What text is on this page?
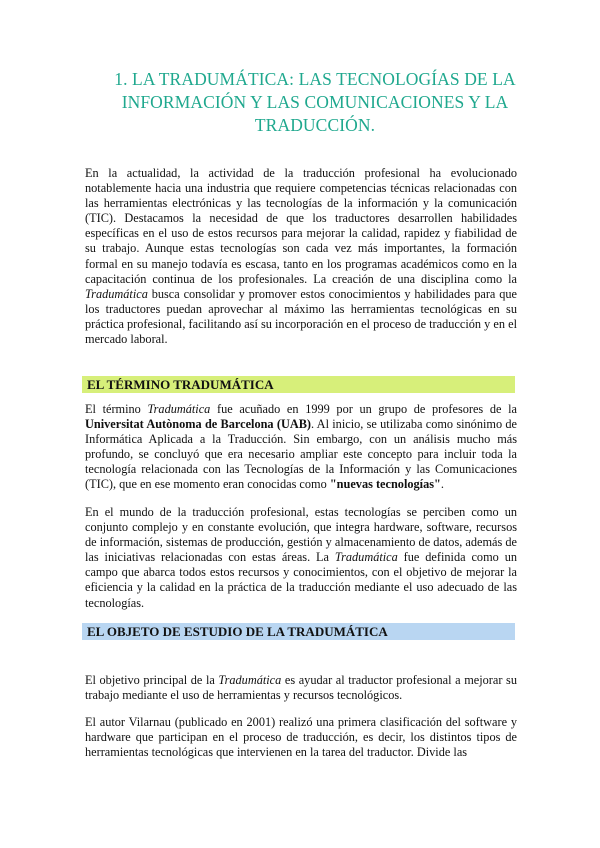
1. LA TRADUMÁTICA: LAS TECNOLOGÍAS DE LA INFORMACIÓN Y LAS COMUNICACIONES Y LA TRADUCCIÓN.

En la actualidad, la actividad de la traducción profesional ha evolucionado notablemente hacia una industria que requiere competencias técnicas relacionadas con las herramientas electrónicas y las tecnologías de la información y la comunicación (TIC). Destacamos la necesidad de que los traductores desarrollen habilidades específicas en el uso de estos recursos para mejorar la calidad, rapidez y fiabilidad de su trabajo. Aunque estas tecnologías son cada vez más importantes, la formación formal en su manejo todavía es escasa, tanto en los programas académicos como en la capacitación continua de los profesionales. La creación de una disciplina como la Tradumática busca consolidar y promover estos conocimientos y habilidades para que los traductores puedan aprovechar al máximo las herramientas tecnológicas en su práctica profesional, facilitando así su incorporación en el proceso de traducción y en el mercado laboral.

EL TÉRMINO TRADUMÁTICA

El término Tradumática fue acuñado en 1999 por un grupo de profesores de la Universitat Autònoma de Barcelona (UAB). Al inicio, se utilizaba como sinónimo de Informática Aplicada a la Traducción. Sin embargo, con un análisis mucho más profundo, se concluyó que era necesario ampliar este concepto para incluir toda la tecnología relacionada con las Tecnologías de la Información y las Comunicaciones (TIC), que en ese momento eran conocidas como "nuevas tecnologías".

En el mundo de la traducción profesional, estas tecnologías se perciben como un conjunto complejo y en constante evolución, que integra hardware, software, recursos de información, sistemas de producción, gestión y almacenamiento de datos, además de las iniciativas relacionadas con estas áreas. La Tradumática fue definida como un campo que abarca todos estos recursos y conocimientos, con el objetivo de mejorar la eficiencia y la calidad en la práctica de la traducción mediante el uso adecuado de las tecnologías.

EL OBJETO DE ESTUDIO DE LA TRADUMÁTICA

El objetivo principal de la Tradumática es ayudar al traductor profesional a mejorar su trabajo mediante el uso de herramientas y recursos tecnológicos.

El autor Vilarnau (publicado en 2001) realizó una primera clasificación del software y hardware que participan en el proceso de traducción, es decir, los distintos tipos de herramientas tecnológicas que intervienen en la tarea del traductor. Divide las
